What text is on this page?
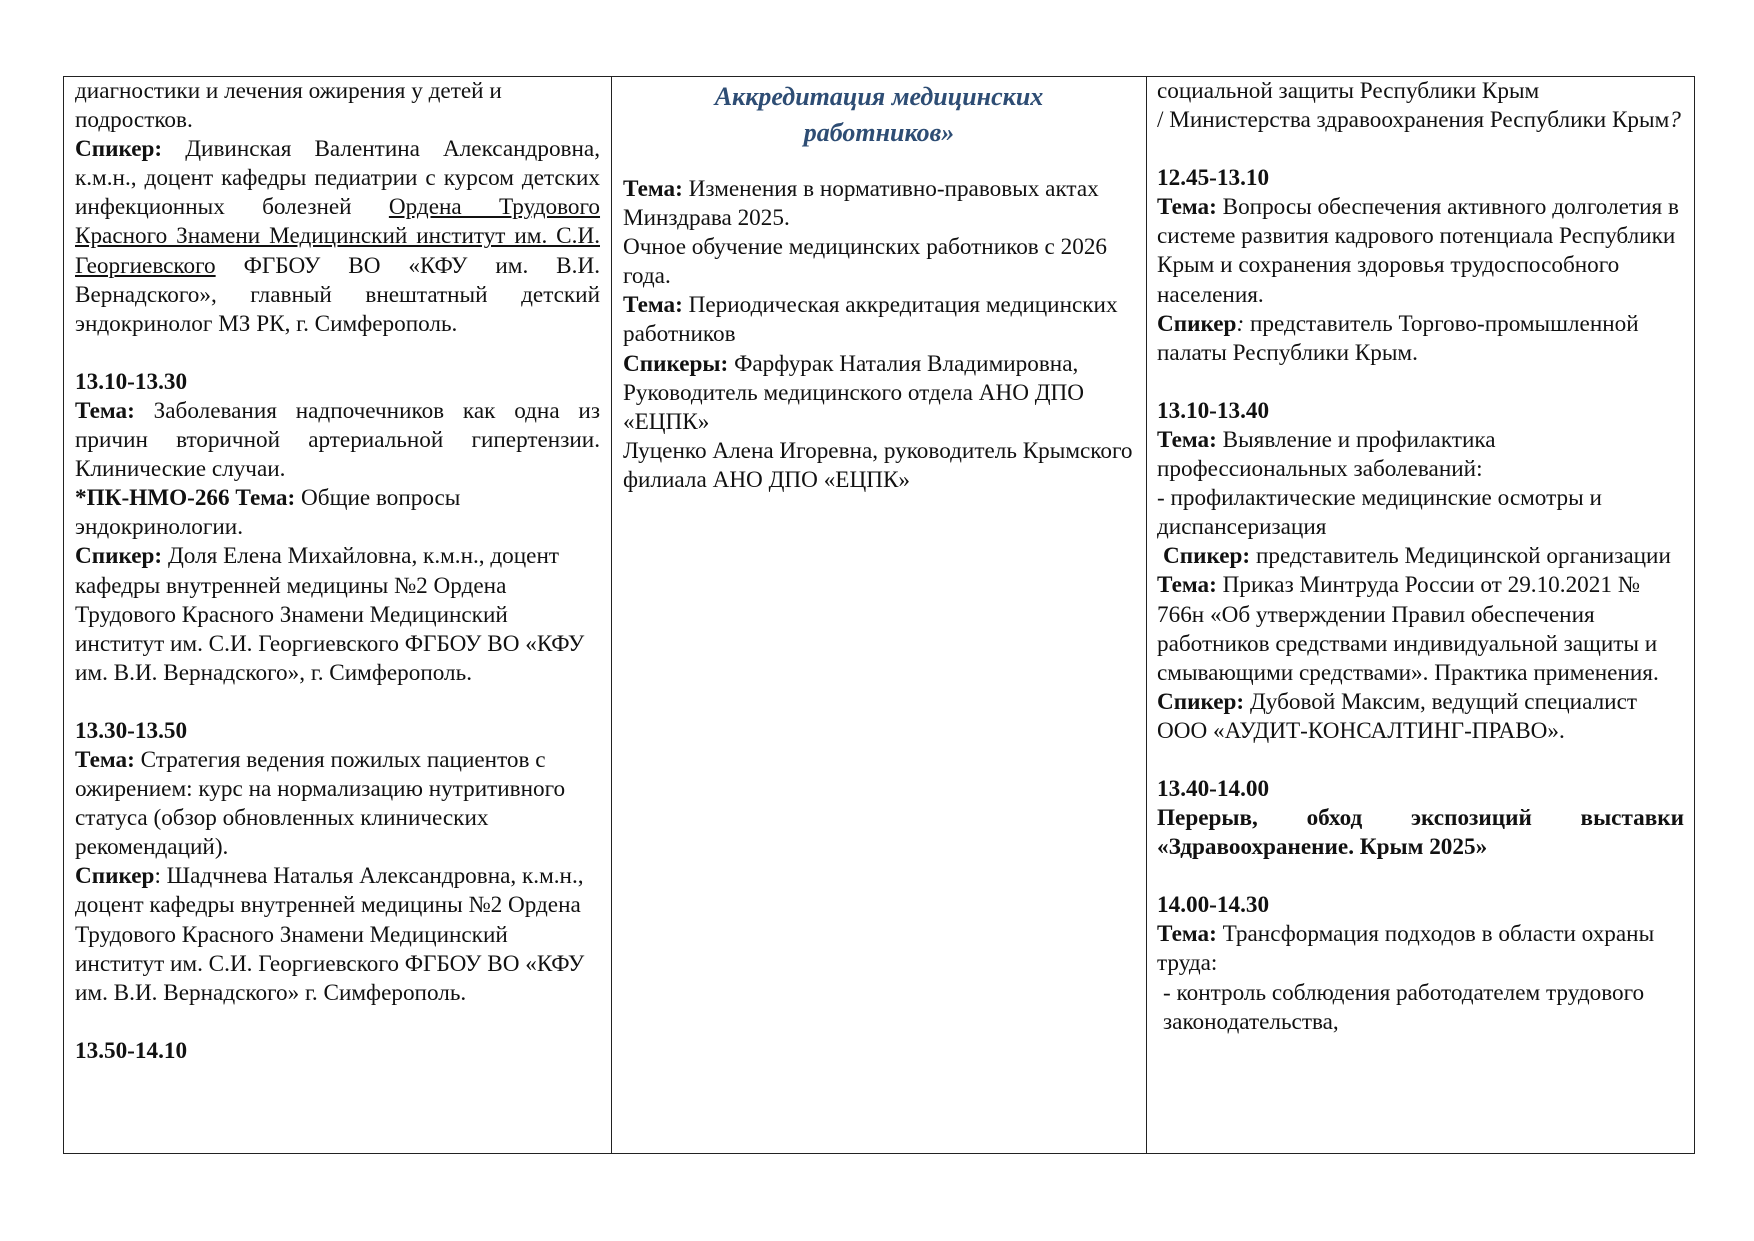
диагностики и лечения ожирения у детей и подростков.

Спикер: Дивинская Валентина Александровна, к.м.н., доцент кафедры педиатрии с курсом детских инфекционных болезней Ордена Трудового Красного Знамени Медицинский институт им. С.И. Георгиевского ФГБОУ ВО «КФУ им. В.И. Вернадского», главный внештатный детский эндокринолог МЗ РК, г. Симферополь.

13.10-13.30

Тема: Заболевания надпочечников как одна из причин вторичной артериальной гипертензии. Клинические случаи.

*ПК-НМО-266 Тема: Общие вопросы эндокринологии.

Спикер: Доля Елена Михайловна, к.м.н., доцент кафедры внутренней медицины №2 Ордена Трудового Красного Знамени Медицинский институт им. С.И. Георгиевского ФГБОУ ВО «КФУ им. В.И. Вернадского», г. Симферополь.

13.30-13.50

Тема: Стратегия ведения пожилых пациентов с ожирением: курс на нормализацию нутритивного статуса (обзор обновленных клинических рекомендаций).

Спикер: Шадчнева Наталья Александровна, к.м.н., доцент кафедры внутренней медицины №2 Ордена Трудового Красного Знамени Медицинский институт им. С.И. Георгиевского ФГБОУ ВО «КФУ им. В.И. Вернадского» г. Симферополь.

13.50-14.10

Аккредитация медицинских
работников»

Тема: Изменения в нормативно-правовых актах Минздрава 2025.

Очное обучение медицинских работников с 2026 года.

Тема: Периодическая аккредитация медицинских работников

Спикеры: Фарфурак Наталия Владимировна, Руководитель медицинского отдела АНО ДПО «ЕЦПК»

Луценко Алена Игоревна, руководитель Крымского филиала АНО ДПО «ЕЦПК»

социальной защиты Республики Крым

/ Министерства здравоохранения Республики Крым?

12.45-13.10

Тема: Вопросы обеспечения активного долголетия в системе развития кадрового потенциала Республики

Крым и сохранения здоровья трудоспособного населения.

Спикер: представитель Торгово-промышленной палаты Республики Крым.

13.10-13.40

Тема: Выявление и профилактика профессиональных заболеваний:

- профилактические медицинские осмотры и диспансеризация

Спикер: представитель Медицинской организации

Тема: Приказ Минтруда России от 29.10.2021 № 766н «Об утверждении Правил обеспечения работников средствами индивидуальной защиты и смывающими средствами». Практика применения.

Спикер: Дубовой Максим, ведущий специалист ООО «АУДИТ-КОНСАЛТИНГ-ПРАВО».

13.40-14.00

Перерыв, обход экспозиций выставки «Здравоохранение. Крым 2025»

14.00-14.30

Тема: Трансформация подходов в области охраны труда:

- контроль соблюдения работодателем трудового законодательства,
